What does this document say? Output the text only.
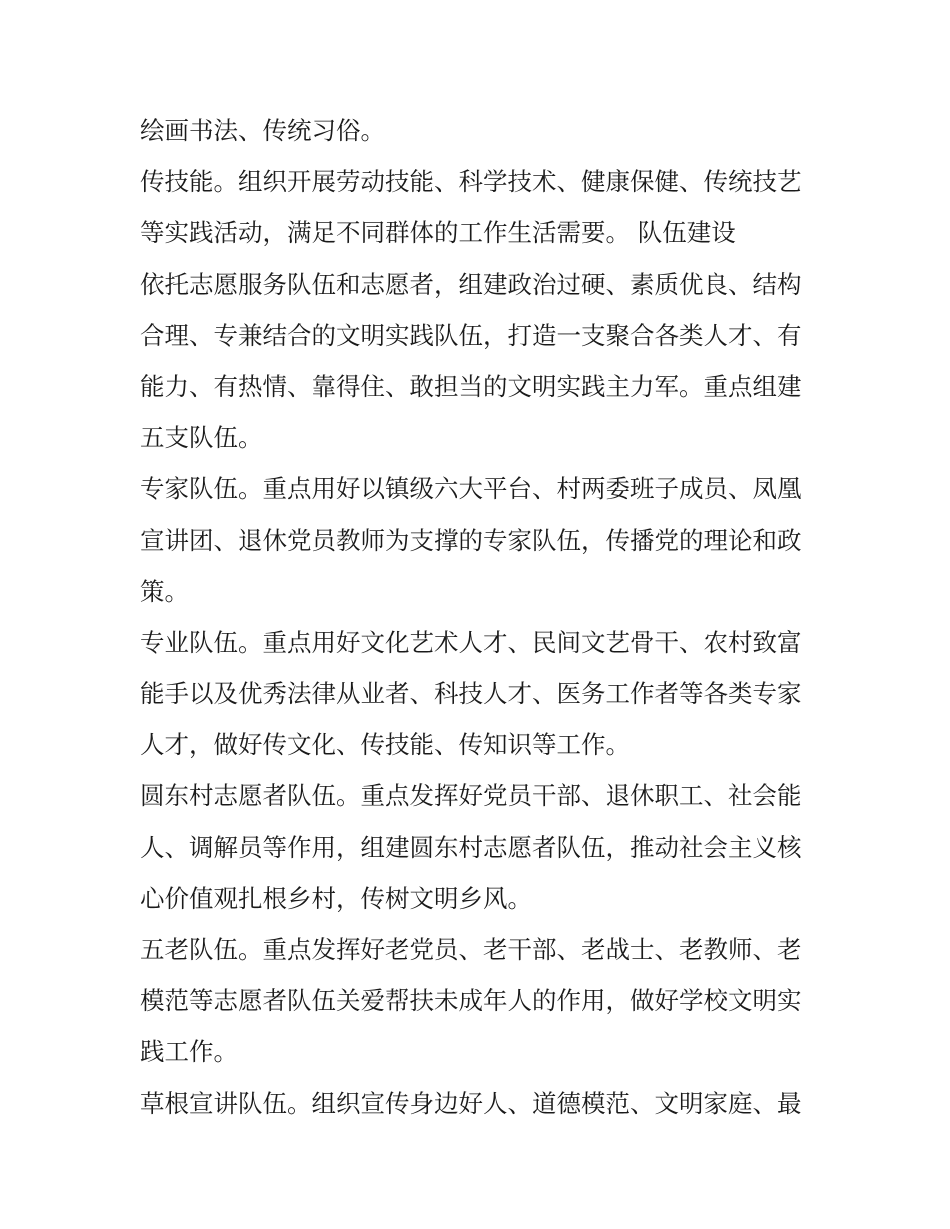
绘画书法、传统习俗。
传技能。组织开展劳动技能、科学技术、健康保健、传统技艺
等实践活动，满足不同群体的工作生活需要。 队伍建设
依托志愿服务队伍和志愿者，组建政治过硬、素质优良、结构
合理、专兼结合的文明实践队伍，打造一支聚合各类人才、有
能力、有热情、靠得住、敢担当的文明实践主力军。重点组建
五支队伍。
专家队伍。重点用好以镇级六大平台、村两委班子成员、凤凰
宣讲团、退休党员教师为支撑的专家队伍，传播党的理论和政
策。
专业队伍。重点用好文化艺术人才、民间文艺骨干、农村致富
能手以及优秀法律从业者、科技人才、医务工作者等各类专家
人才，做好传文化、传技能、传知识等工作。
圆东村志愿者队伍。重点发挥好党员干部、退休职工、社会能
人、调解员等作用，组建圆东村志愿者队伍，推动社会主义核
心价值观扎根乡村，传树文明乡风。
五老队伍。重点发挥好老党员、老干部、老战士、老教师、老
模范等志愿者队伍关爱帮扶未成年人的作用，做好学校文明实
践工作。
草根宣讲队伍。组织宣传身边好人、道德模范、文明家庭、最
